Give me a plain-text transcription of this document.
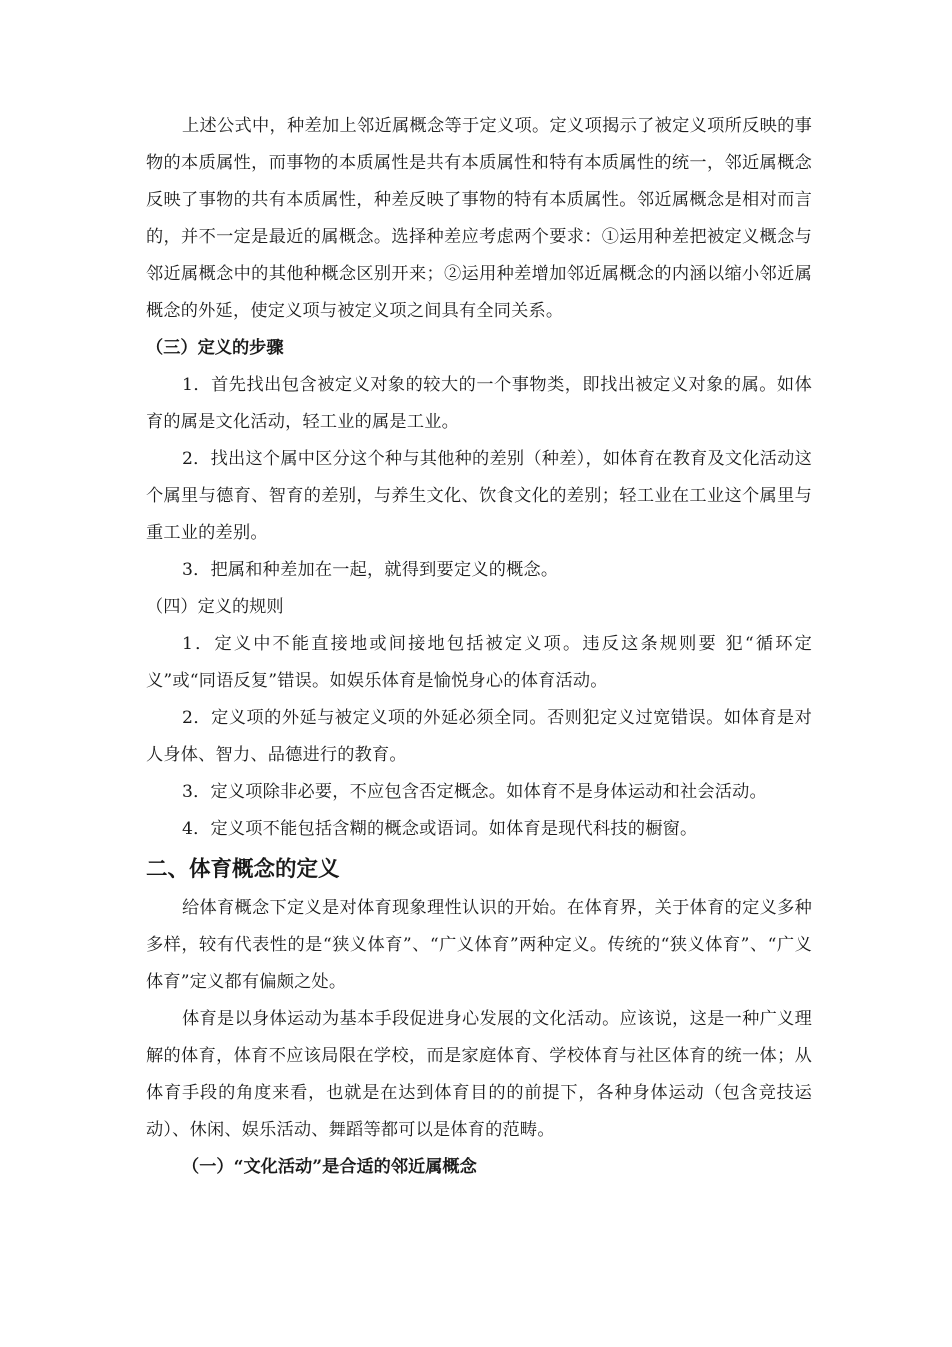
上述公式中，种差加上邻近属概念等于定义项。定义项揭示了被定义项所反映的事物的本质属性，而事物的本质属性是共有本质属性和特有本质属性的统一，邻近属概念反映了事物的共有本质属性，种差反映了事物的特有本质属性。邻近属概念是相对而言的，并不一定是最近的属概念。选择种差应考虑两个要求：①运用种差把被定义概念与邻近属概念中的其他种概念区别开来；②运用种差增加邻近属概念的内涵以缩小邻近属概念的外延，使定义项与被定义项之间具有全同关系。

（三）定义的步骤

1．首先找出包含被定义对象的较大的一个事物类，即找出被定义对象的属。如体育的属是文化活动，轻工业的属是工业。

2．找出这个属中区分这个种与其他种的差别（种差），如体育在教育及文化活动这个属里与德育、智育的差别，与养生文化、饮食文化的差别；轻工业在工业这个属里与重工业的差别。

3．把属和种差加在一起，就得到要定义的概念。

（四）定义的规则

1．定义中不能直接地或间接地包括被定义项。违反这条规则要 犯“循环定义”或“同语反复”错误。如娱乐体育是愉悦身心的体育活动。

2．定义项的外延与被定义项的外延必须全同。否则犯定义过宽错误。如体育是对人身体、智力、品德进行的教育。

3．定义项除非必要，不应包含否定概念。如体育不是身体运动和社会活动。

4．定义项不能包括含糊的概念或语词。如体育是现代科技的橱窗。

二、体育概念的定义

给体育概念下定义是对体育现象理性认识的开始。在体育界，关于体育的定义多种多样，较有代表性的是“狭义体育”、“广义体育”两种定义。传统的“狭义体育”、“广义体育”定义都有偏颇之处。

体育是以身体运动为基本手段促进身心发展的文化活动。应该说，这是一种广义理解的体育，体育不应该局限在学校，而是家庭体育、学校体育与社区体育的统一体；从体育手段的角度来看，也就是在达到体育目的的前提下，各种身体运动（包含竞技运动）、休闲、娱乐活动、舞蹈等都可以是体育的范畴。

（一）“文化活动”是合适的邻近属概念
